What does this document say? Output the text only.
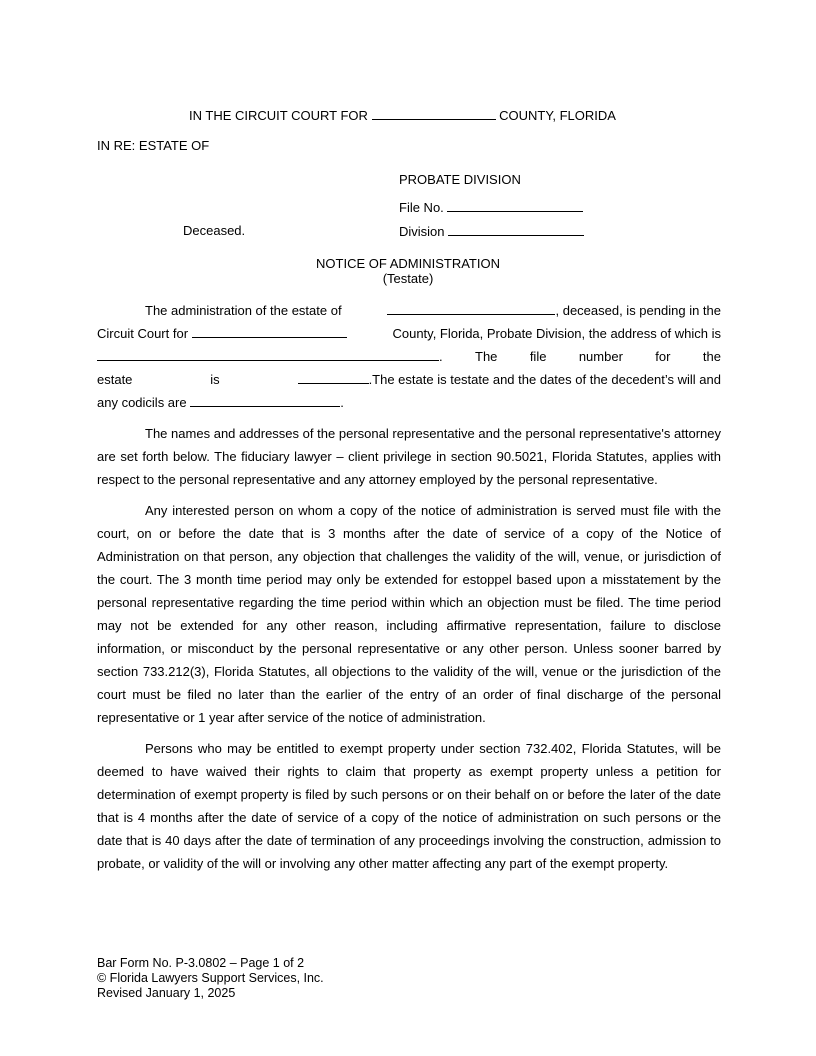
IN THE CIRCUIT COURT FOR	COUNTY, FLORIDA
IN RE: ESTATE OF
PROBATE DIVISION
File No.
Deceased.	Division
NOTICE OF ADMINISTRATION
(Testate)
The administration of the estate of	, deceased, is pending in the
Circuit Court for	County, Florida, Probate Division, the address of which is
. The file number for the
estate	is	.The estate is testate and the dates of the decedent’s will and
any codicils are	.

The names and addresses of the personal representative and the personal representative's attorney are set forth below. The fiduciary lawyer – client privilege in section 90.5021, Florida Statutes, applies with respect to the personal representative and any attorney employed by the personal representative.

Any interested person on whom a copy of the notice of administration is served must file with the court, on or before the date that is 3 months after the date of service of a copy of the Notice of Administration on that person, any objection that challenges the validity of the will, venue, or jurisdiction of the court. The 3 month time period may only be extended for estoppel based upon a misstatement by the personal representative regarding the time period within which an objection must be filed. The time period may not be extended for any other reason, including affirmative representation, failure to disclose information, or misconduct by the personal representative or any other person. Unless sooner barred by section 733.212(3), Florida Statutes, all objections to the validity of the will, venue or the jurisdiction of the court must be filed no later than the earlier of the entry of an order of final discharge of the personal representative or 1 year after service of the notice of administration.

Persons who may be entitled to exempt property under section 732.402, Florida Statutes, will be deemed to have waived their rights to claim that property as exempt property unless a petition for determination of exempt property is filed by such persons or on their behalf on or before the later of the date that is 4 months after the date of service of a copy of the notice of administration on such persons or the date that is 40 days after the date of termination of any proceedings involving the construction, admission to probate, or validity of the will or involving any other matter affecting any part of the exempt property.

Bar Form No. P-3.0802 – Page 1 of 2
© Florida Lawyers Support Services, Inc.
Revised January 1, 2025
